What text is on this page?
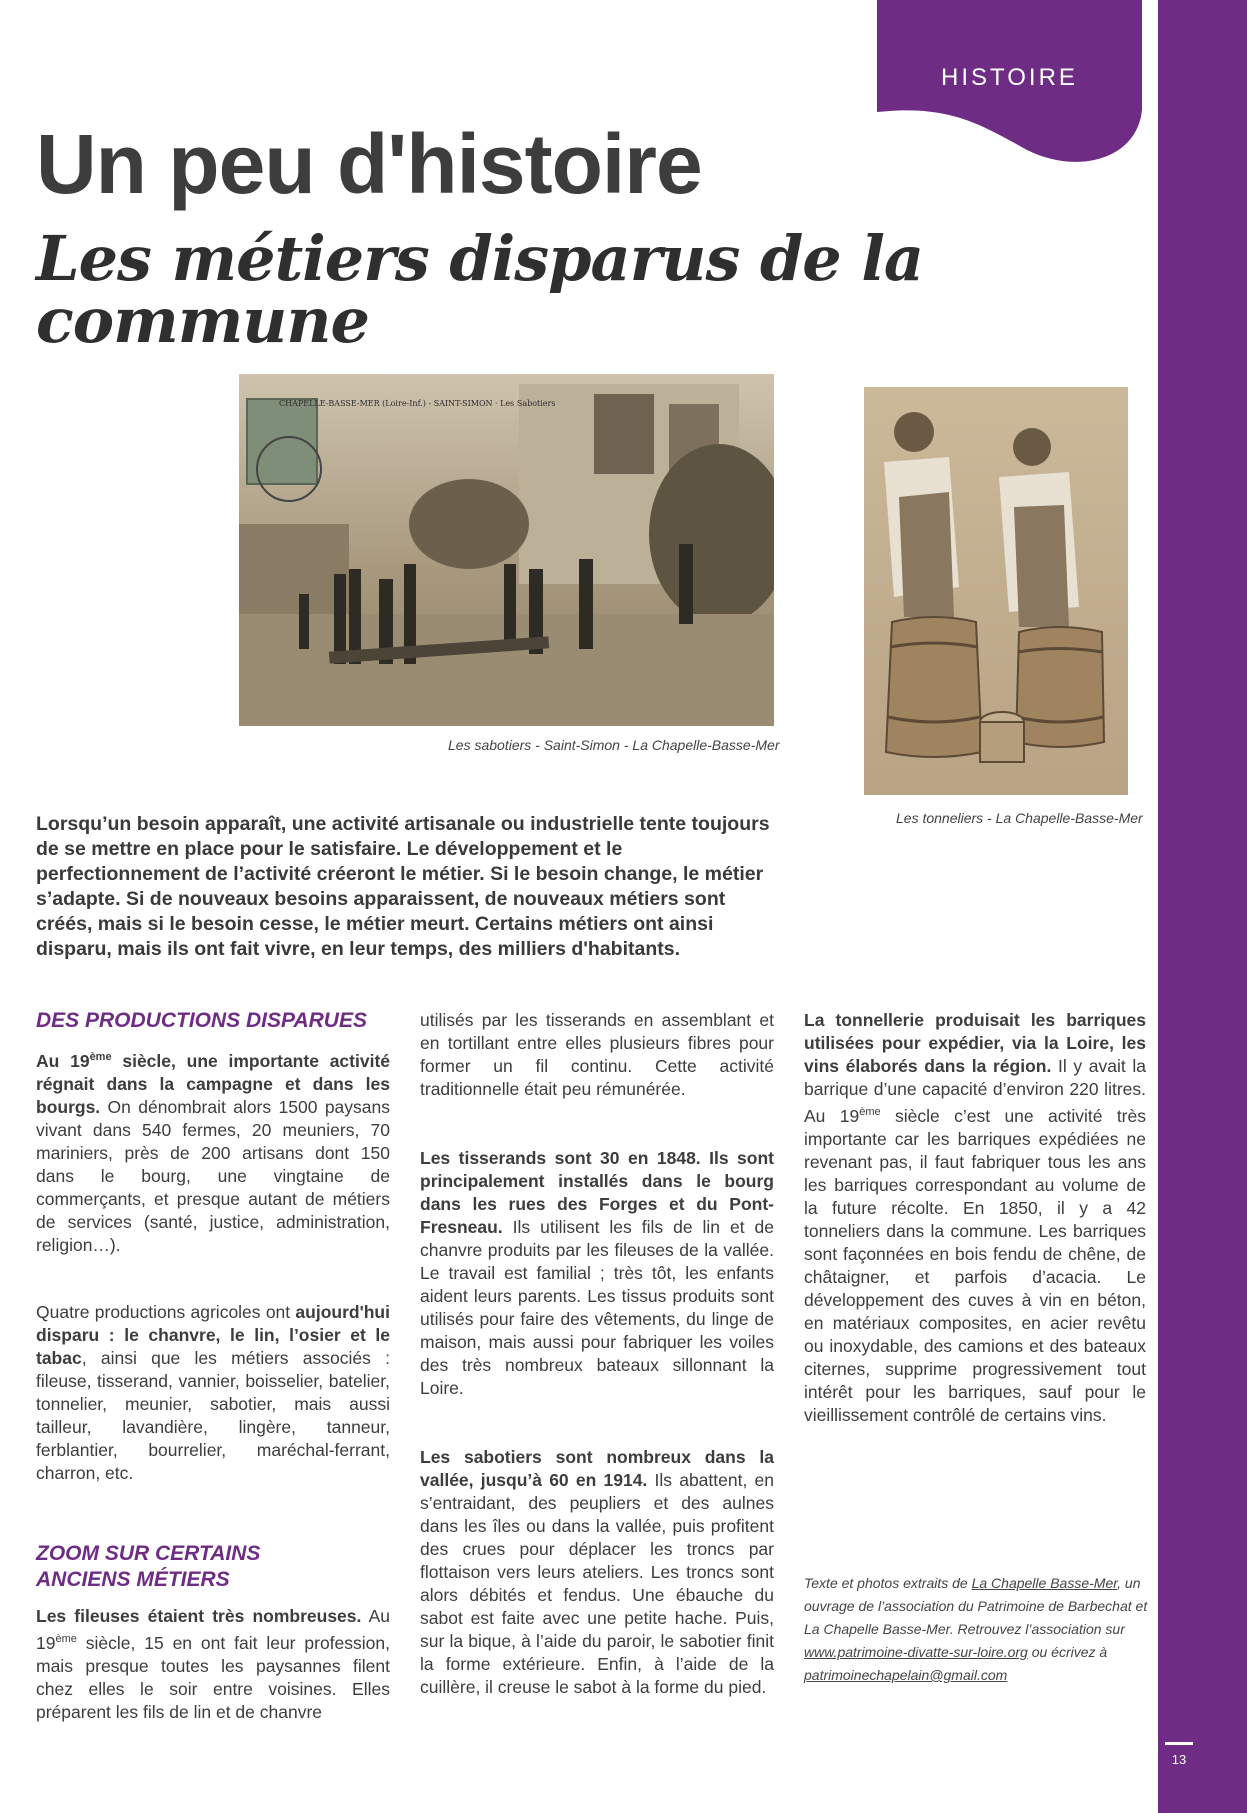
HISTOIRE
13
Un peu d'histoire
Les métiers disparus de la commune
CHAPELLE-BASSE-MER (Loire-Inf.) - SAINT-SIMON · Les Sabotiers
Les sabotiers - Saint-Simon - La Chapelle-Basse-Mer
Les tonneliers - La Chapelle-Basse-Mer

Lorsqu’un besoin apparaît, une activité artisanale ou industrielle tente toujours de se mettre en place pour le satisfaire. Le développement et le perfectionnement de l’activité créeront le métier. Si le besoin change, le métier s’adapte. Si de nouveaux besoins apparaissent, de nouveaux métiers sont créés, mais si le besoin cesse, le métier meurt. Certains métiers ont ainsi disparu, mais ils ont fait vivre, en leur temps, des milliers d'habitants.

DES PRODUCTIONS DISPARUES

Au 19ème siècle, une importante activité régnait dans la campagne et dans les bourgs. On dénombrait alors 1500 paysans vivant dans 540 fermes, 20 meuniers, 70 mariniers, près de 200 artisans dont 150 dans le bourg, une vingtaine de commerçants, et presque autant de métiers de services (santé, justice, administration, religion…).

Quatre productions agricoles ont aujourd'hui disparu : le chanvre, le lin, l’osier et le tabac, ainsi que les métiers associés : fileuse, tisserand, vannier, boisselier, batelier, tonnelier, meunier, sabotier, mais aussi tailleur, lavandière, lingère, tanneur, ferblantier, bourrelier, maréchal-ferrant, charron, etc.

ZOOM SUR CERTAINS ANCIENS MÉTIERS

Les fileuses étaient très nombreuses. Au 19ème siècle, 15 en ont fait leur profession, mais presque toutes les paysannes filent chez elles le soir entre voisines. Elles préparent les fils de lin et de chanvre

utilisés par les tisserands en assemblant et en tortillant entre elles plusieurs fibres pour former un fil continu. Cette activité traditionnelle était peu rémunérée.

Les tisserands sont 30 en 1848. Ils sont principalement installés dans le bourg dans les rues des Forges et du Pont-Fresneau. Ils utilisent les fils de lin et de chanvre produits par les fileuses de la vallée. Le travail est familial ; très tôt, les enfants aident leurs parents. Les tissus produits sont utilisés pour faire des vêtements, du linge de maison, mais aussi pour fabriquer les voiles des très nombreux bateaux sillonnant la Loire.

Les sabotiers sont nombreux dans la vallée, jusqu’à 60 en 1914. Ils abattent, en s’entraidant, des peupliers et des aulnes dans les îles ou dans la vallée, puis profitent des crues pour déplacer les troncs par flottaison vers leurs ateliers. Les troncs sont alors débités et fendus. Une ébauche du sabot est faite avec une petite hache. Puis, sur la bique, à l’aide du paroir, le sabotier finit la forme extérieure. Enfin, à l’aide de la cuillère, il creuse le sabot à la forme du pied.

La tonnellerie produisait les barriques utilisées pour expédier, via la Loire, les vins élaborés dans la région. Il y avait la barrique d’une capacité d’environ 220 litres. Au 19ème siècle c’est une activité très importante car les barriques expédiées ne revenant pas, il faut fabriquer tous les ans les barriques correspondant au volume de la future récolte. En 1850, il y a 42 tonneliers dans la commune. Les barriques sont façonnées en bois fendu de chêne, de châtaigner, et parfois d’acacia. Le développement des cuves à vin en béton, en matériaux composites, en acier revêtu ou inoxydable, des camions et des bateaux citernes, supprime progressivement tout intérêt pour les barriques, sauf pour le vieillissement contrôlé de certains vins.

Texte et photos extraits de La Chapelle Basse-Mer, un ouvrage de l’association du Patrimoine de Barbechat et La Chapelle Basse-Mer. Retrouvez l’association sur www.patrimoine-divatte-sur-loire.org ou écrivez à patrimoinechapelain@gmail.com
